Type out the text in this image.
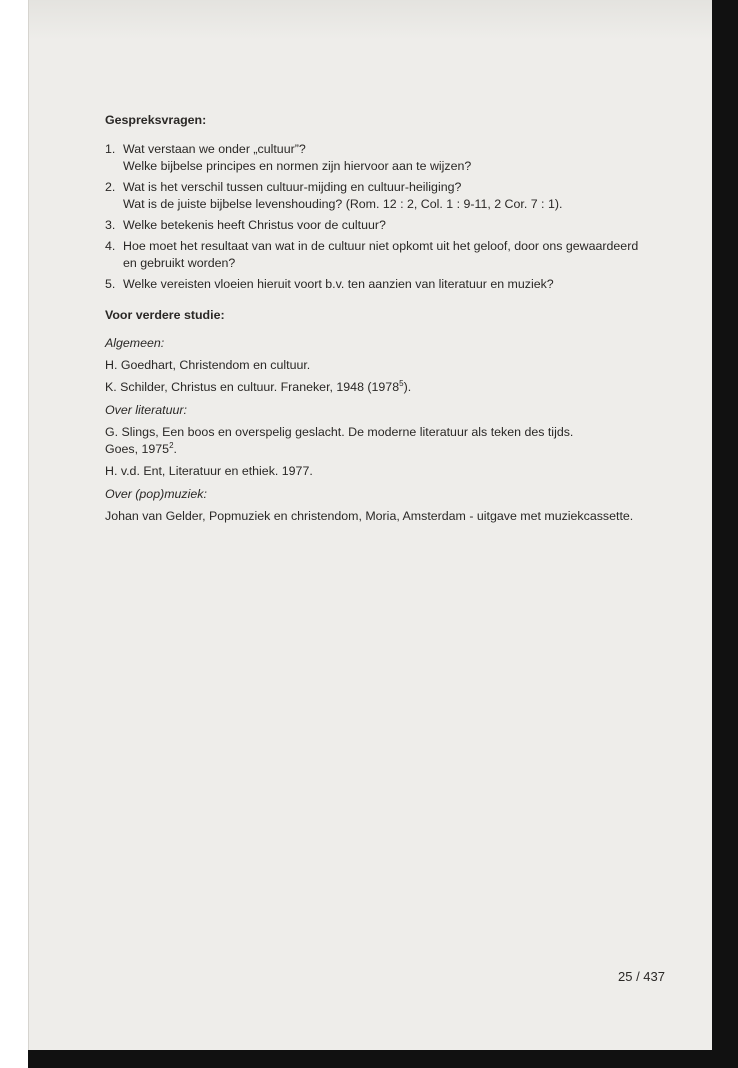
Gespreksvragen:
1. Wat verstaan we onder „cultuur”?
Welke bijbelse principes en normen zijn hiervoor aan te wijzen?
2. Wat is het verschil tussen cultuur-mijding en cultuur-heiliging?
Wat is de juiste bijbelse levenshouding? (Rom. 12 : 2, Col. 1 : 9-11, 2 Cor. 7 : 1).
3. Welke betekenis heeft Christus voor de cultuur?
4. Hoe moet het resultaat van wat in de cultuur niet opkomt uit het geloof, door ons gewaardeerd en gebruikt worden?
5. Welke vereisten vloeien hieruit voort b.v. ten aanzien van literatuur en muziek?
Voor verdere studie:
Algemeen:
H. Goedhart, Christendom en cultuur.
K. Schilder, Christus en cultuur. Franeker, 1948 (1978$^5$).
Over literatuur:
G. Slings, Een boos en overspelig geslacht. De moderne literatuur als teken des tijds.
Goes, 1975$^2$.
H. v.d. Ent, Literatuur en ethiek. 1977.
Over (pop)muziek:
Johan van Gelder, Popmuziek en christendom, Moria, Amsterdam - uitgave met muziekcassette.
25 / 437
